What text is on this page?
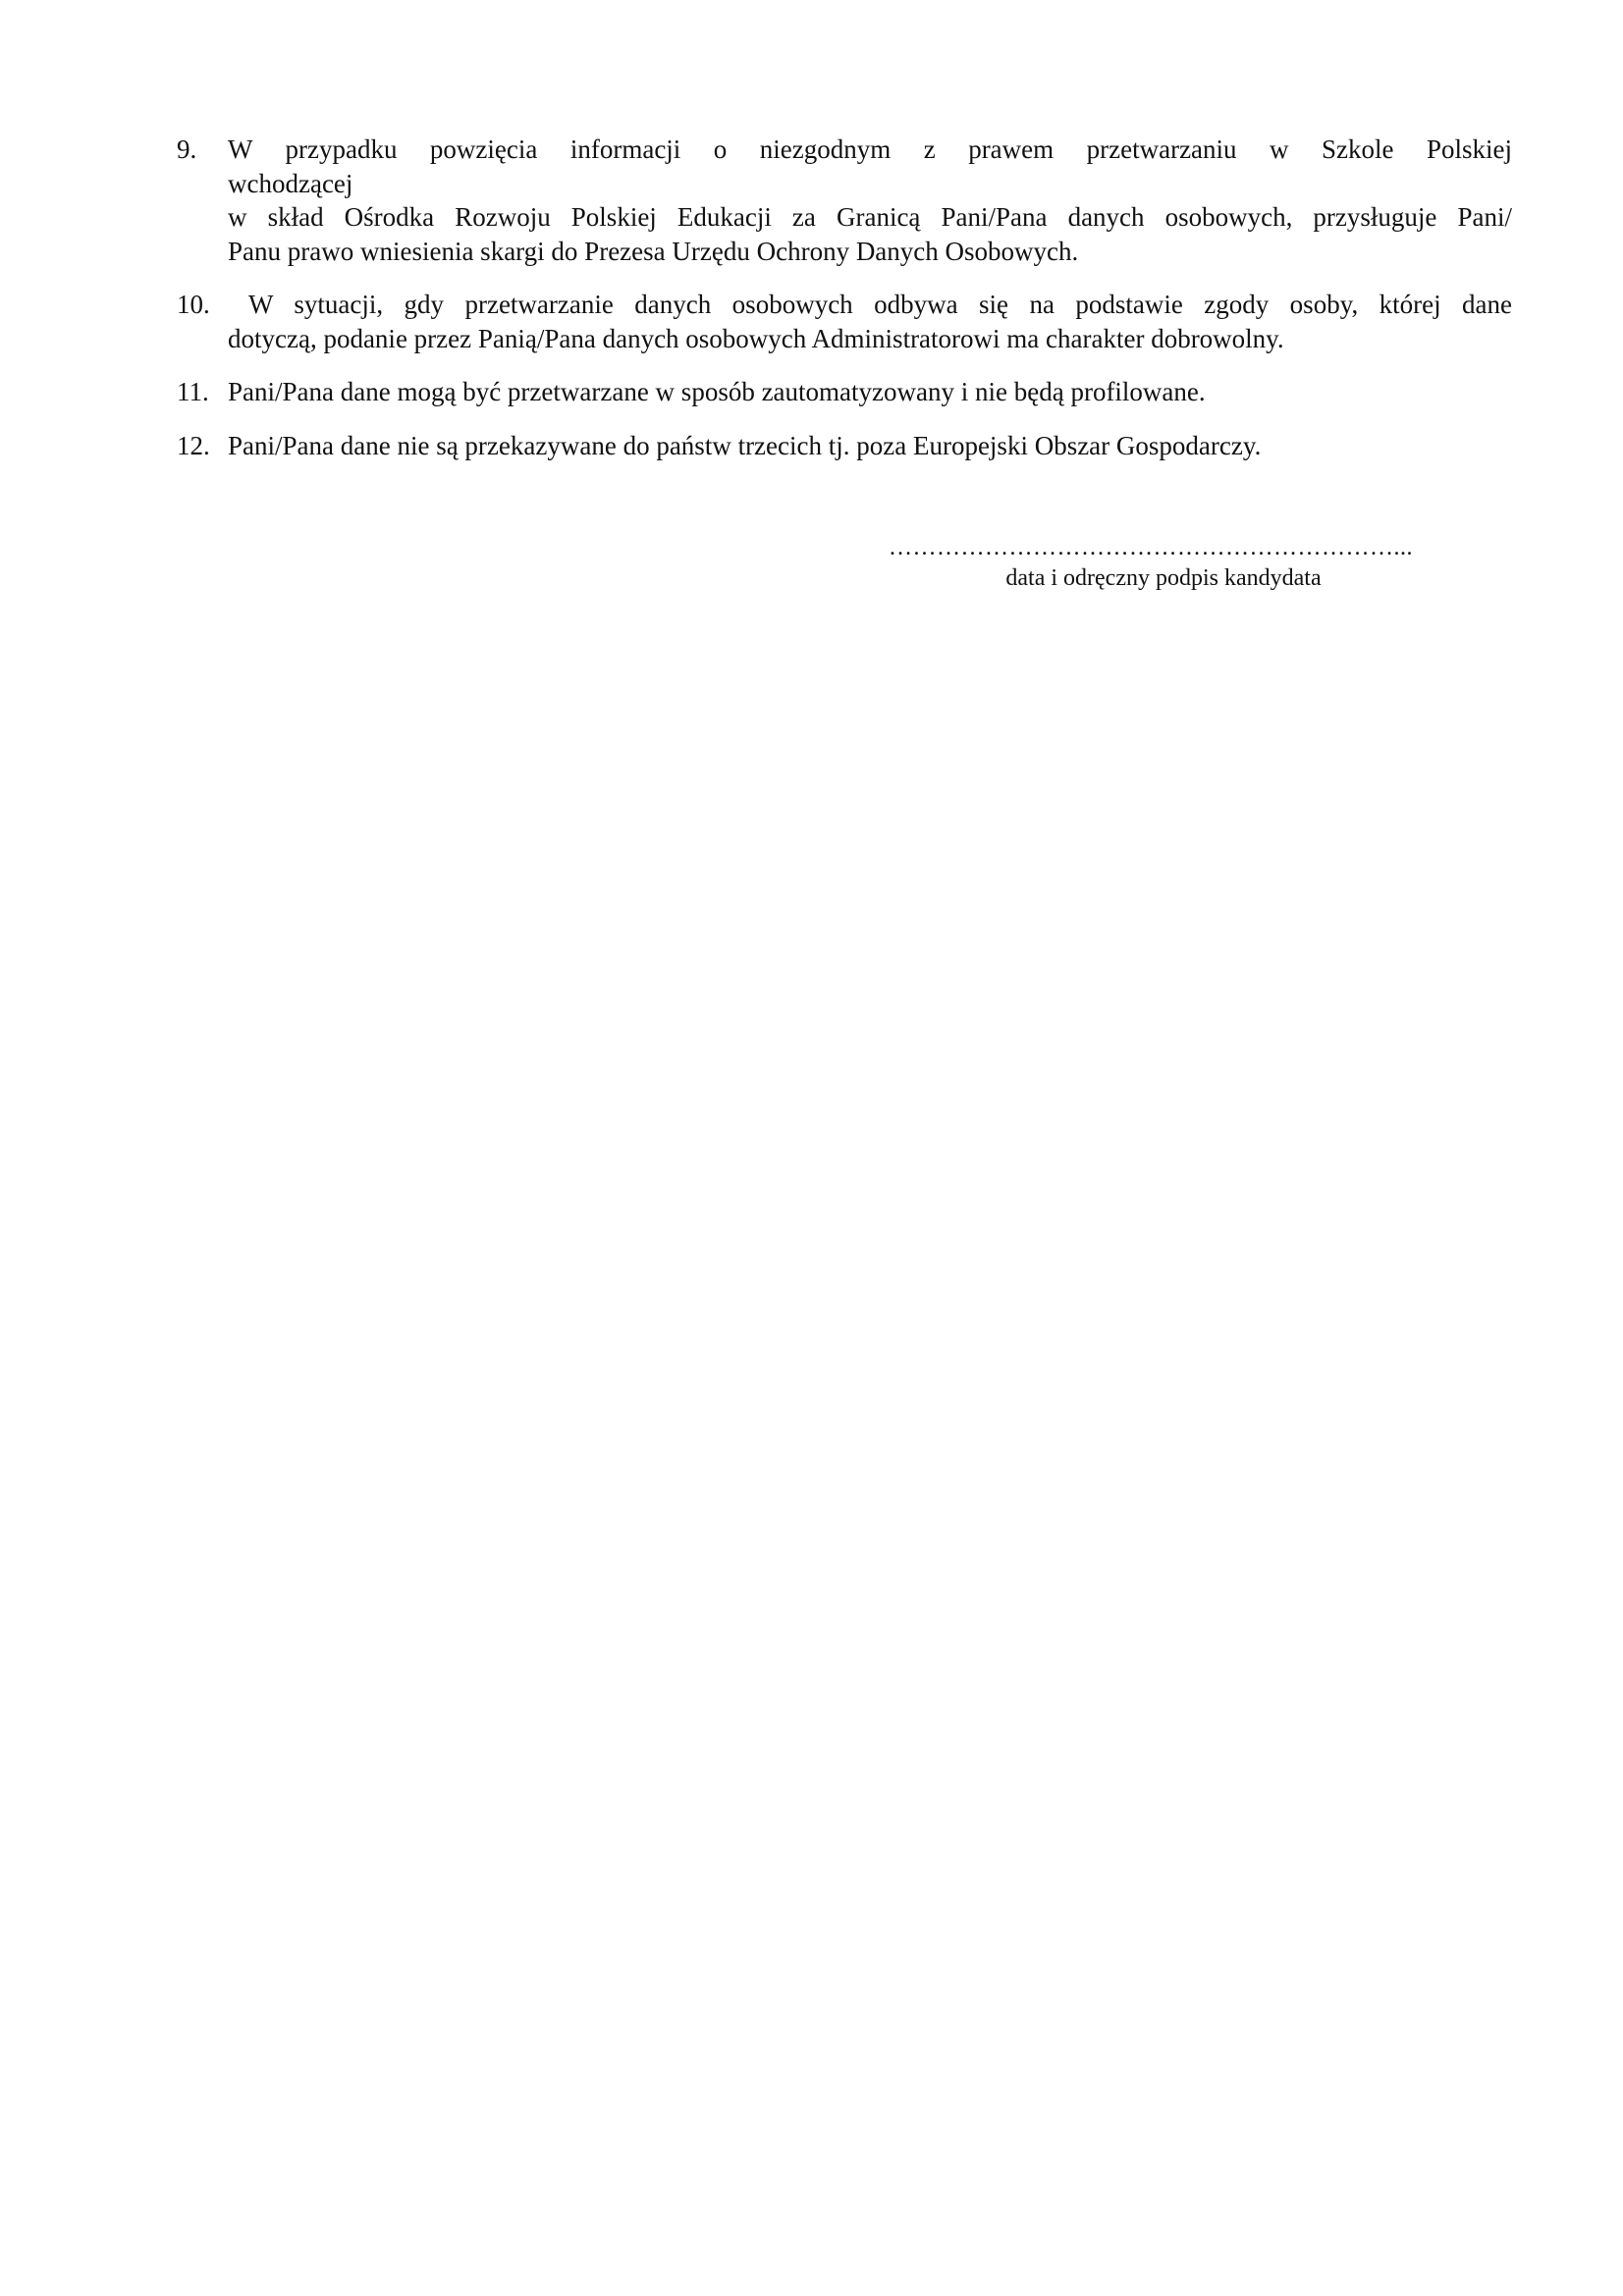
9.	W przypadku powzięcia informacji o niezgodnym z prawem przetwarzaniu w Szkole Polskiej
wchodzącej
w skład Ośrodka Rozwoju Polskiej Edukacji za Granicą Pani/Pana danych osobowych, przysługuje Pani/
Panu prawo wniesienia skargi do Prezesa Urzędu Ochrony Danych Osobowych.
10. W sytuacji, gdy przetwarzanie danych osobowych odbywa się na podstawie zgody osoby, której dane
dotyczą, podanie przez Panią/Pana danych osobowych Administratorowi ma charakter dobrowolny.
11. Pani/Pana dane mogą być przetwarzane w sposób zautomatyzowany i nie będą profilowane.
12. Pani/Pana dane nie są przekazywane do państw trzecich tj. poza Europejski Obszar Gospodarczy.
………………………………………………………...
data i odręczny podpis kandydata
